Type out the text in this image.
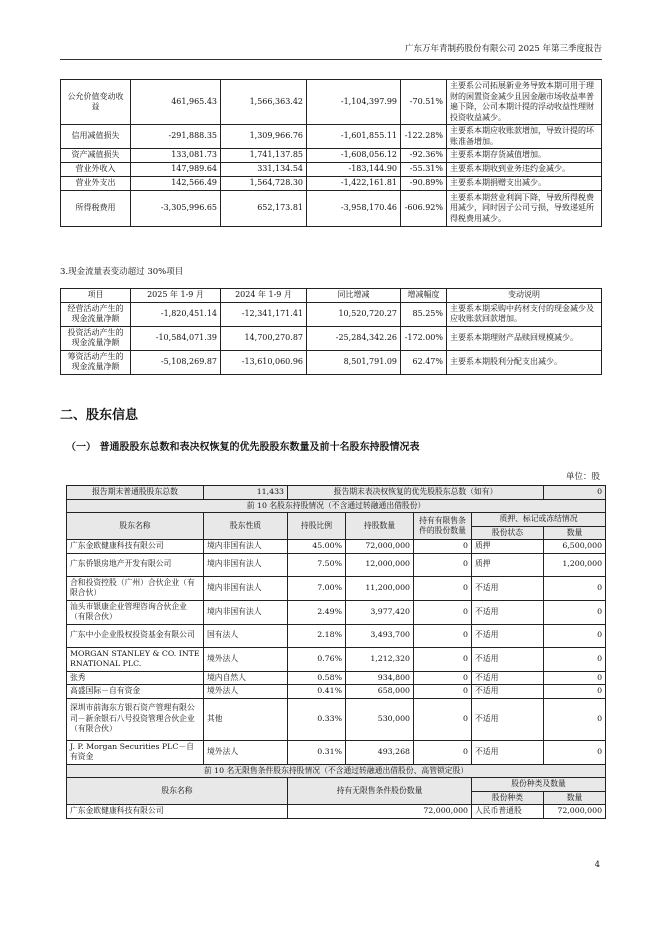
广东万年青制药股份有限公司 2025 年第三季度报告
公允价值变动收益	461,965.43	1,566,363.42	-1,104,397.99	-70.51%	主要系公司拓展新业务导致本期可用于理财的闲置资金减少且因金融市场收益率普遍下降，公司本期计提的浮动收益性理财投资收益减少。
信用减值损失	-291,888.35	1,309,966.76	-1,601,855.11	-122.28%	主要系本期应收账款增加，导致计提的坏账准备增加。
资产减值损失	133,081.73	1,741,137.85	-1,608,056.12	-92.36%	主要系本期存货减值增加。
营业外收入	147,989.64	331,134.54	-183,144.90	-55.31%	主要系本期收到业务违约金减少。
营业外支出	142,566.49	1,564,728.30	-1,422,161.81	-90.89%	主要系本期捐赠支出减少。
所得税费用	-3,305,996.65	652,173.81	-3,958,170.46	-606.92%	主要系本期营业利润下降，导致所得税费用减少，同时因子公司亏损，导致递延所得税费用减少。
3.现金流量表变动超过 30%项目
项目	2025 年 1-9 月	2024 年 1-9 月	同比增减	增减幅度	变动说明
经营活动产生的现金流量净额	-1,820,451.14	-12,341,171.41	10,520,720.27	85.25%	主要系本期采购中药材支付的现金减少及应收账款回款增加。
投资活动产生的现金流量净额	-10,584,071.39	14,700,270.87	-25,284,342.26	-172.00%	主要系本期理财产品赎回规模减少。
筹资活动产生的现金流量净额	-5,108,269.87	-13,610,060.96	8,501,791.09	62.47%	主要系本期股利分配支出减少。
二、股东信息
（一） 普通股股东总数和表决权恢复的优先股股东数量及前十名股东持股情况表
单位：股
报告期末普通股股东总数	11,433	报告期末表决权恢复的优先股股东总数（如有）				0
前 10 名股东持股情况（不含通过转融通出借股份）						
股东名称	股东性质	持股比例	持股数量	持有有限售条件的股份数量	质押、标记或冻结情况	
					股份状态	数量
广东金欧健康科技有限公司	境内非国有法人	45.00%	72,000,000	0	质押	6,500,000
广东侨银房地产开发有限公司	境内非国有法人	7.50%	12,000,000	0	质押	1,200,000
合和投资控股（广州）合伙企业（有限合伙）	境内非国有法人	7.00%	11,200,000	0	不适用	0
汕头市银康企业管理咨询合伙企业（有限合伙）	境内非国有法人	2.49%	3,977,420	0	不适用	0
广东中小企业股权投资基金有限公司	国有法人	2.18%	3,493,700	0	不适用	0
MORGAN STANLEY & CO. INTERNATIONAL PLC.	境外法人	0.76%	1,212,320	0	不适用	0
张秀	境内自然人	0.58%	934,800	0	不适用	0
高盛国际－自有资金	境外法人	0.41%	658,000	0	不适用	0
深圳市前海东方银石资产管理有限公司－新余银石八号投资管理合伙企业（有限合伙）	其他	0.33%	530,000	0	不适用	0
J. P. Morgan Securities PLC－自有资金	境外法人	0.31%	493,268	0	不适用	0
前 10 名无限售条件股东持股情况（不含通过转融通出借股份、高管锁定股）						
股东名称		持有无限售条件股份数量			股份种类及数量	
					股份种类	数量
广东金欧健康科技有限公司		72,000,000			人民币普通股	72,000,000
4
